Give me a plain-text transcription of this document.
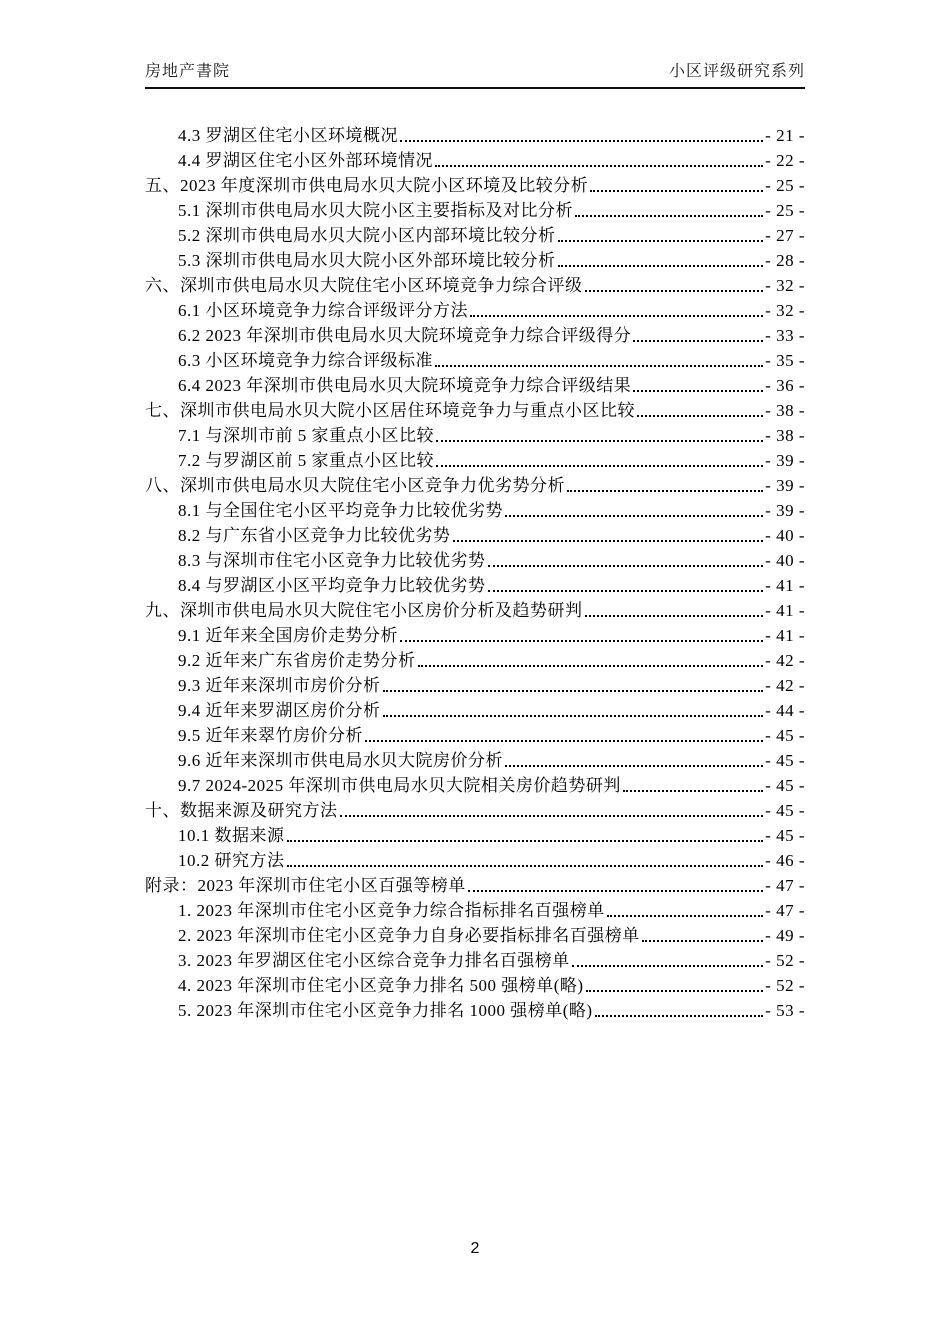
房地产書院	小区评级研究系列
4.3 罗湖区住宅小区环境概况	- 21 -
4.4 罗湖区住宅小区外部环境情况	- 22 -
五、2023 年度深圳市供电局水贝大院小区环境及比较分析	- 25 -
5.1 深圳市供电局水贝大院小区主要指标及对比分析	- 25 -
5.2 深圳市供电局水贝大院小区内部环境比较分析	- 27 -
5.3 深圳市供电局水贝大院小区外部环境比较分析	- 28 -
六、深圳市供电局水贝大院住宅小区环境竞争力综合评级	- 32 -
6.1 小区环境竞争力综合评级评分方法	- 32 -
6.2 2023 年深圳市供电局水贝大院环境竞争力综合评级得分	- 33 -
6.3 小区环境竞争力综合评级标准	- 35 -
6.4 2023 年深圳市供电局水贝大院环境竞争力综合评级结果	- 36 -
七、深圳市供电局水贝大院小区居住环境竞争力与重点小区比较	- 38 -
7.1 与深圳市前 5 家重点小区比较	- 38 -
7.2 与罗湖区前 5 家重点小区比较	- 39 -
八、深圳市供电局水贝大院住宅小区竞争力优劣势分析	- 39 -
8.1 与全国住宅小区平均竞争力比较优劣势	- 39 -
8.2 与广东省小区竞争力比较优劣势	- 40 -
8.3 与深圳市住宅小区竞争力比较优劣势	- 40 -
8.4 与罗湖区小区平均竞争力比较优劣势	- 41 -
九、深圳市供电局水贝大院住宅小区房价分析及趋势研判	- 41 -
9.1 近年来全国房价走势分析	- 41 -
9.2 近年来广东省房价走势分析	- 42 -
9.3 近年来深圳市房价分析	- 42 -
9.4 近年来罗湖区房价分析	- 44 -
9.5 近年来翠竹房价分析	- 45 -
9.6 近年来深圳市供电局水贝大院房价分析	- 45 -
9.7 2024-2025 年深圳市供电局水贝大院相关房价趋势研判	- 45 -
十、数据来源及研究方法	- 45 -
10.1 数据来源	- 45 -
10.2 研究方法	- 46 -
附录：2023 年深圳市住宅小区百强等榜单	- 47 -
1. 2023 年深圳市住宅小区竞争力综合指标排名百强榜单	- 47 -
2. 2023 年深圳市住宅小区竞争力自身必要指标排名百强榜单	- 49 -
3. 2023 年罗湖区住宅小区综合竞争力排名百强榜单	- 52 -
4. 2023 年深圳市住宅小区竞争力排名 500 强榜单(略)	- 52 -
5. 2023 年深圳市住宅小区竞争力排名 1000 强榜单(略)	- 53 -
2
